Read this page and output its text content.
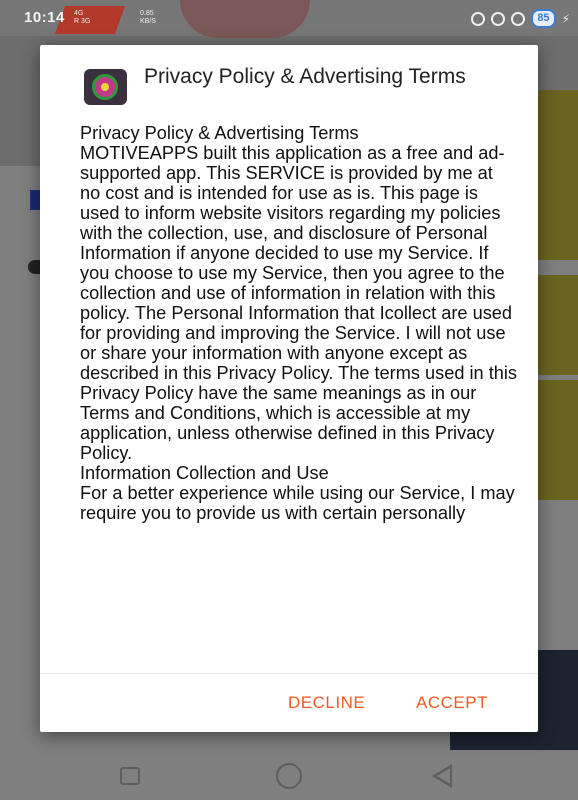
10:14 4G
R 3G
0.85
KB/S	85	⚡
Privacy Policy & Advertising Terms

Privacy Policy & Advertising Terms
MOTIVEAPPS built this application as a free and ad-supported app. This SERVICE is provided by me at no cost and is intended for use as is. This page is used to inform website visitors regarding my policies with the collection, use, and disclosure of Personal Information if anyone decided to use my Service. If you choose to use my Service, then you agree to the collection and use of information in relation with this policy. The Personal Information that Icollect are used for providing and improving the Service. I will not use or share your information with anyone except as described in this Privacy Policy. The terms used in this Privacy Policy have the same meanings as in our Terms and Conditions, which is accessible at my application, unless otherwise defined in this Privacy Policy.
Information Collection and Use
For a better experience while using our Service, I may require you to provide us with certain personally

DECLINE	ACCEPT
